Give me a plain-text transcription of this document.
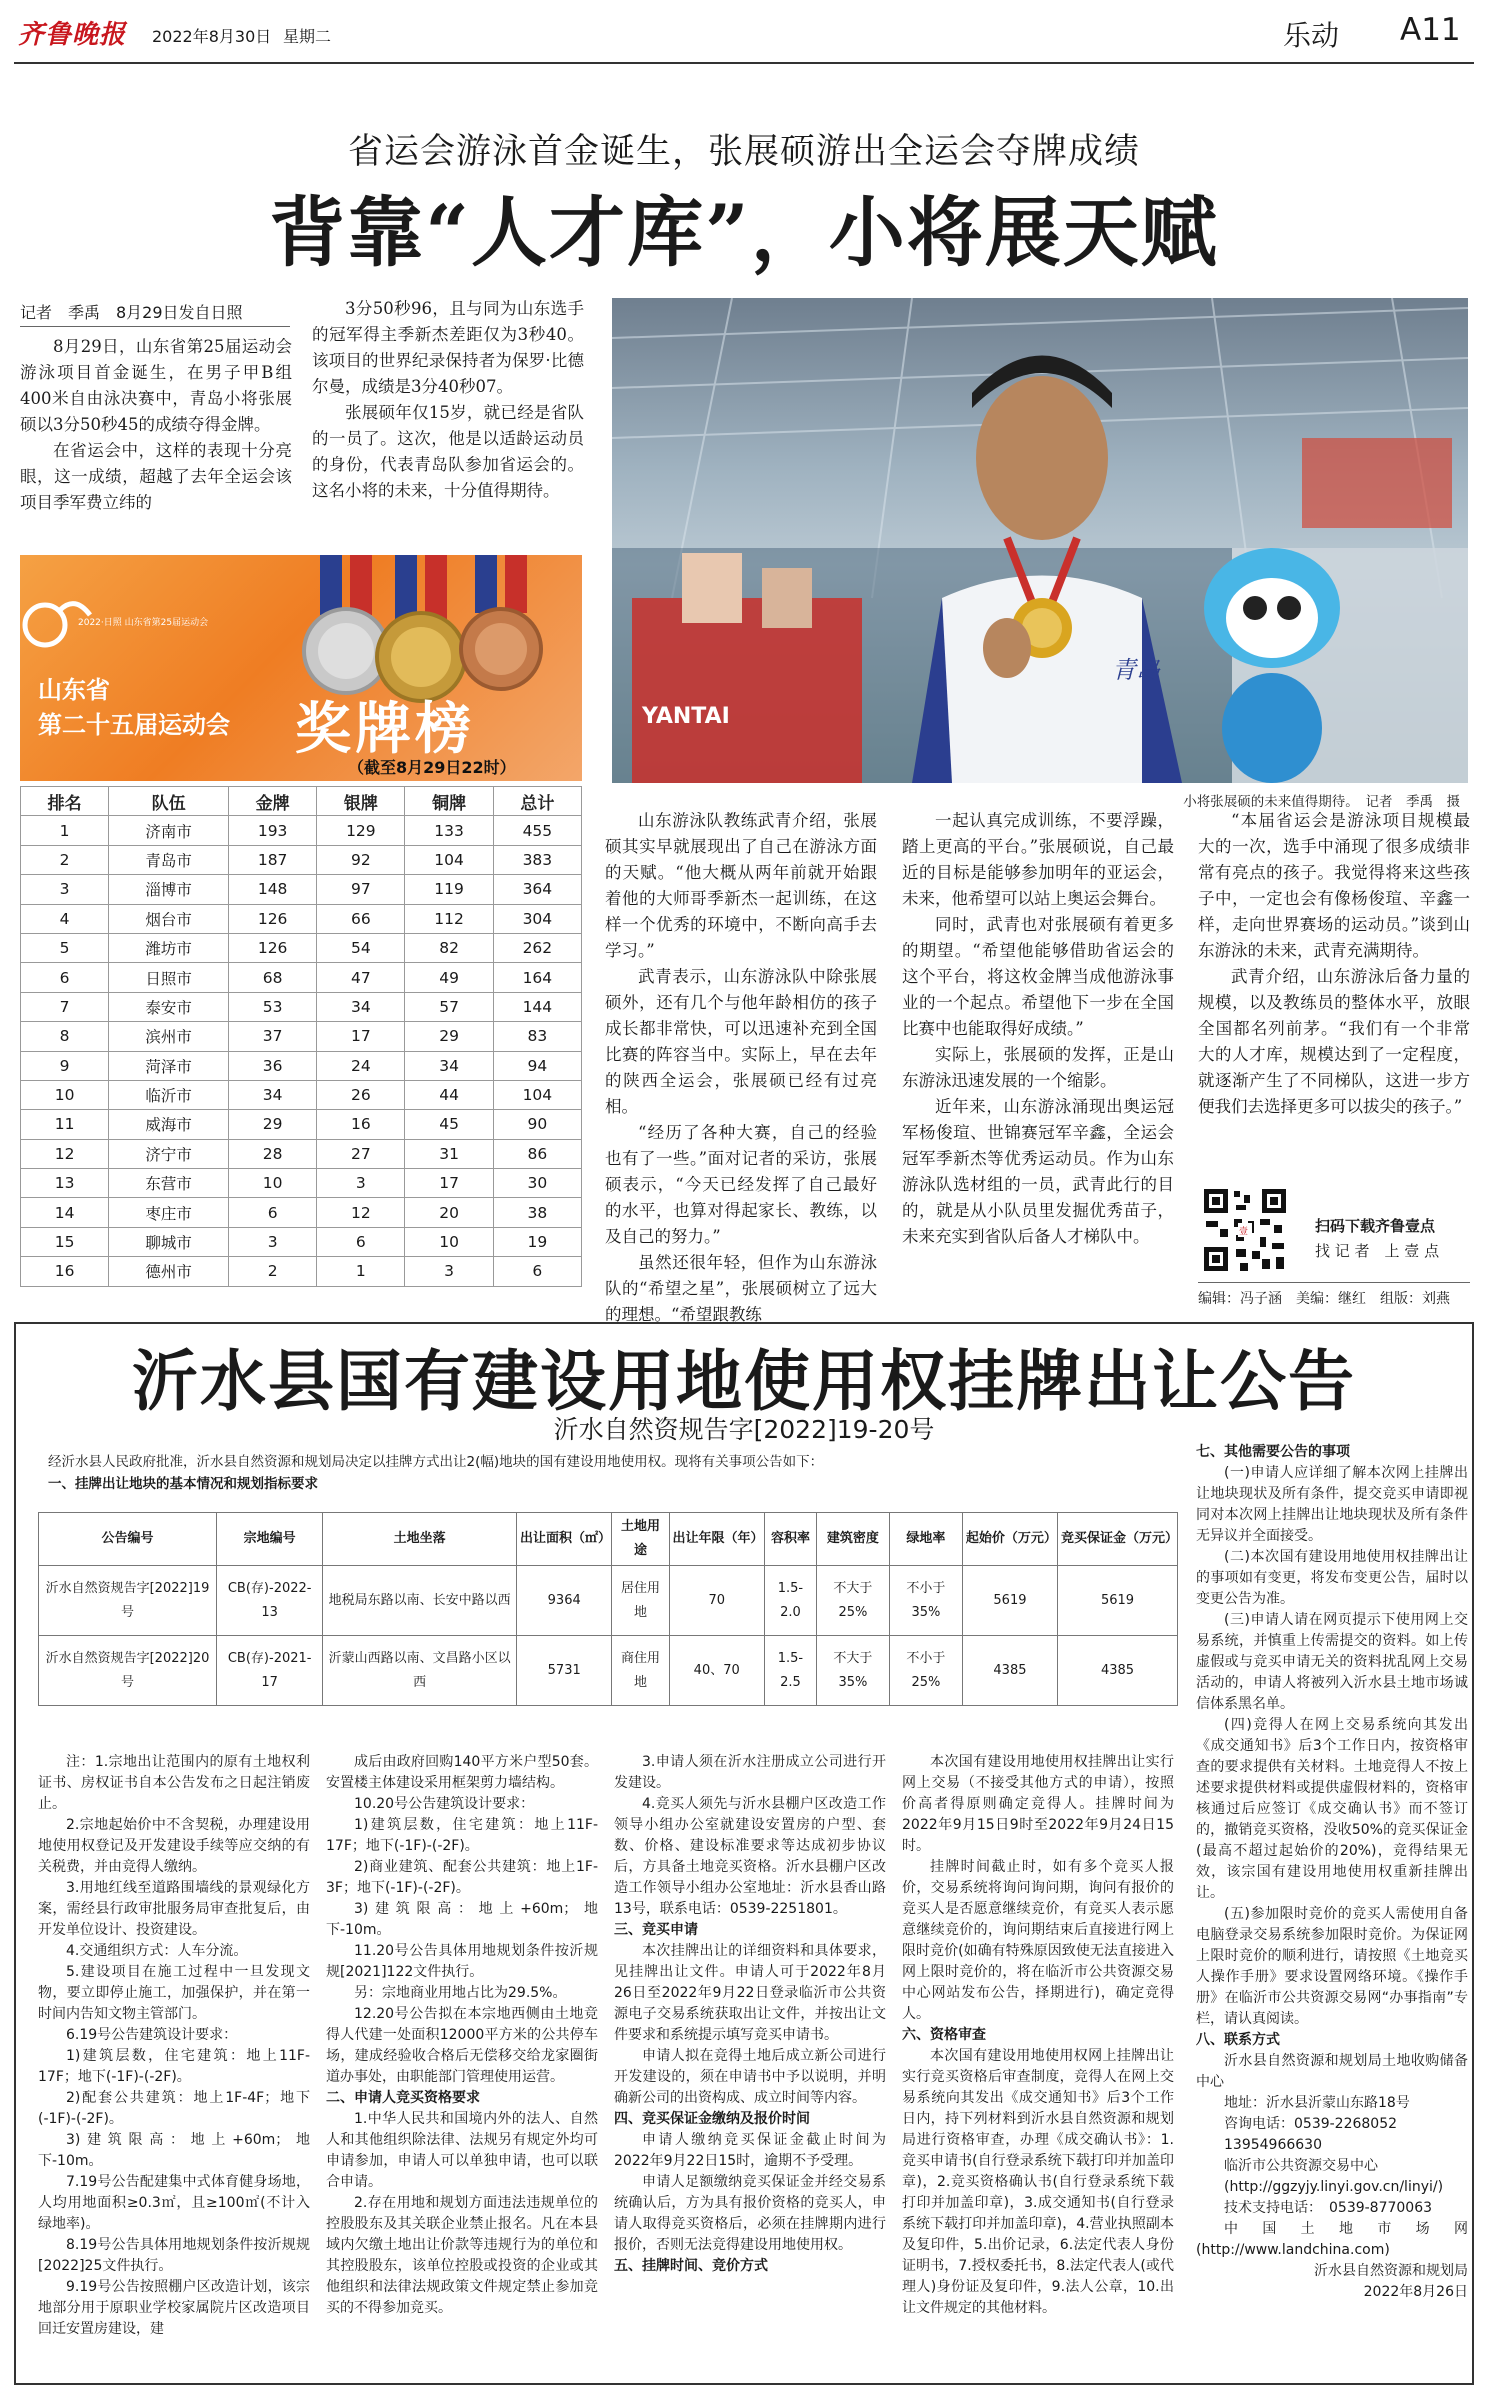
齐鲁晚报 2022年8月30日 星期二	乐动 A11
省运会游泳首金诞生，张展硕游出全运会夺牌成绩
背靠“人才库”，小将展天赋
记者　季禹　8月29日发自日照

8月29日，山东省第25届运动会游泳项目首金诞生，在男子甲B组400米自由泳决赛中，青岛小将张展硕以3分50秒45的成绩夺得金牌。

在省运会中，这样的表现十分亮眼，这一成绩，超越了去年全运会该项目季军费立纬的

3分50秒96，且与同为山东选手的冠军得主季新杰差距仅为3秒40。该项目的世界纪录保持者为保罗·比德尔曼，成绩是3分40秒07。

张展硕年仅15岁，就已经是省队的一员了。这次，他是以适龄运动员的身份，代表青岛队参加省运会的。这名小将的未来，十分值得期待。

YANTAI
青岛
小将张展硕的未来值得期待。　记者　季禹　摄
2022·日照 山东省第25届运动会
山东省
第二十五届运动会 奖牌榜
（截至8月29日22时）
排名	队伍	金牌	银牌	铜牌	总计
1	济南市	193	129	133	455
2	青岛市	187	92	104	383
3	淄博市	148	97	119	364
4	烟台市	126	66	112	304
5	潍坊市	126	54	82	262
6	日照市	68	47	49	164
7	泰安市	53	34	57	144
8	滨州市	37	17	29	83
9	菏泽市	36	24	34	94
10	临沂市	34	26	44	104
11	威海市	29	16	45	90
12	济宁市	28	27	31	86
13	东营市	10	3	17	30
14	枣庄市	6	12	20	38
15	聊城市	3	6	10	19
16	德州市	2	1	3	6

山东游泳队教练武青介绍，张展硕其实早就展现出了自己在游泳方面的天赋。“他大概从两年前就开始跟着他的大师哥季新杰一起训练，在这样一个优秀的环境中，不断向高手去学习。”

武青表示，山东游泳队中除张展硕外，还有几个与他年龄相仿的孩子成长都非常快，可以迅速补充到全国比赛的阵容当中。实际上，早在去年的陕西全运会，张展硕已经有过亮相。

“经历了各种大赛，自己的经验也有了一些。”面对记者的采访，张展硕表示，“今天已经发挥了自己最好的水平，也算对得起家长、教练，以及自己的努力。”

虽然还很年轻，但作为山东游泳队的“希望之星”，张展硕树立了远大的理想。“希望跟教练

一起认真完成训练，不要浮躁，踏上更高的平台。”张展硕说，自己最近的目标是能够参加明年的亚运会，未来，他希望可以站上奥运会舞台。

同时，武青也对张展硕有着更多的期望。“希望他能够借助省运会的这个平台，将这枚金牌当成他游泳事业的一个起点。希望他下一步在全国比赛中也能取得好成绩。”

实际上，张展硕的发挥，正是山东游泳迅速发展的一个缩影。

近年来，山东游泳涌现出奥运冠军杨俊瑄、世锦赛冠军辛鑫，全运会冠军季新杰等优秀运动员。作为山东游泳队选材组的一员，武青此行的目的，就是从小队员里发掘优秀苗子，未来充实到省队后备人才梯队中。

“本届省运会是游泳项目规模最大的一次，选手中涌现了很多成绩非常有亮点的孩子。我觉得将来这些孩子中，一定也会有像杨俊瑄、辛鑫一样，走向世界赛场的运动员。”谈到山东游泳的未来，武青充满期待。

武青介绍，山东游泳后备力量的规模，以及教练员的整体水平，放眼全国都名列前茅。“我们有一个非常大的人才库，规模达到了一定程度，就逐渐产生了不同梯队，这进一步方便我们去选择更多可以拔尖的孩子。”

壹	扫码下载齐鲁壹点
找 记 者　上 壹 点
编辑：冯子涵　美编：继红　组版：刘燕
沂水县国有建设用地使用权挂牌出让公告
沂水自然资规告字[2022]19-20号
经沂水县人民政府批准，沂水县自然资源和规划局决定以挂牌方式出让2(幅)地块的国有建设用地使用权。现将有关事项公告如下：
一、挂牌出让地块的基本情况和规划指标要求
公告编号	宗地编号	土地坐落	出让面积（㎡）	土地用途	出让年限（年）	容积率	建筑密度	绿地率	起始价（万元）	竞买保证金（万元）
沂水自然资规告字[2022]19号	CB(存)-2022-13	地税局东路以南、长安中路以西	9364	居住用地	70	1.5-2.0	不大于25%	不小于35%	5619	5619
沂水自然资规告字[2022]20号	CB(存)-2021-17	沂蒙山西路以南、文昌路小区以西	5731	商住用地	40、70	1.5-2.5	不大于35%	不小于25%	4385	4385

注：1.宗地出让范围内的原有土地权利证书、房权证书自本公告发布之日起注销废止。

2.宗地起始价中不含契税，办理建设用地使用权登记及开发建设手续等应交纳的有关税费，并由竞得人缴纳。

3.用地红线至道路围墙线的景观绿化方案，需经县行政审批服务局审查批复后，由开发单位设计、投资建设。

4.交通组织方式：人车分流。

5.建设项目在施工过程中一旦发现文物，要立即停止施工，加强保护，并在第一时间内告知文物主管部门。

6.19号公告建筑设计要求：

1)建筑层数，住宅建筑：地上11F-17F；地下(-1F)-(-2F)。

2)配套公共建筑：地上1F-4F；地下(-1F)-(-2F)。

3)建筑限高：地上+60m；地下-10m。

7.19号公告配建集中式体育健身场地，人均用地面积≥0.3㎡，且≥100㎡(不计入绿地率)。

8.19号公告具体用地规划条件按沂规规[2022]25文件执行。

9.19号公告按照棚户区改造计划，该宗地部分用于原职业学校家属院片区改造项目回迁安置房建设，建

成后由政府回购140平方米户型50套。安置楼主体建设采用框架剪力墙结构。

10.20号公告建筑设计要求：

1)建筑层数，住宅建筑：地上11F-17F；地下(-1F)-(-2F)。

2)商业建筑、配套公共建筑：地上1F-3F；地下(-1F)-(-2F)。

3)建筑限高：地上+60m；地下-10m。

11.20号公告具体用地规划条件按沂规规[2021]122文件执行。

另：宗地商业用地占比为29.5%。

12.20号公告拟在本宗地西侧由土地竞得人代建一处面积12000平方米的公共停车场，建成经验收合格后无偿移交给龙家圈街道办事处，由职能部门管理使用运营。

二、申请人竞买资格要求

1.中华人民共和国境内外的法人、自然人和其他组织除法律、法规另有规定外均可申请参加，申请人可以单独申请，也可以联合申请。

2.存在用地和规划方面违法违规单位的控股股东及其关联企业禁止报名。凡在本县域内欠缴土地出让价款等违规行为的单位和其控股股东，该单位控股或投资的企业或其他组织和法律法规政策文件规定禁止参加竞买的不得参加竞买。

3.申请人须在沂水注册成立公司进行开发建设。

4.竞买人须先与沂水县棚户区改造工作领导小组办公室就建设安置房的户型、套数、价格、建设标准要求等达成初步协议后，方具备土地竞买资格。沂水县棚户区改造工作领导小组办公室地址：沂水县香山路13号，联系电话：0539-2251801。

三、竞买申请

本次挂牌出让的详细资料和具体要求，见挂牌出让文件。申请人可于2022年8月26日至2022年9月22日登录临沂市公共资源电子交易系统获取出让文件，并按出让文件要求和系统提示填写竞买申请书。

申请人拟在竞得土地后成立新公司进行开发建设的，须在申请书中予以说明，并明确新公司的出资构成、成立时间等内容。

四、竞买保证金缴纳及报价时间

申请人缴纳竞买保证金截止时间为2022年9月22日15时，逾期不予受理。

申请人足额缴纳竞买保证金并经交易系统确认后，方为具有报价资格的竞买人，申请人取得竞买资格后，必须在挂牌期内进行报价，否则无法竞得建设用地使用权。

五、挂牌时间、竞价方式

本次国有建设用地使用权挂牌出让实行网上交易（不接受其他方式的申请），按照价高者得原则确定竞得人。挂牌时间为2022年9月15日9时至2022年9月24日15时。

挂牌时间截止时，如有多个竞买人报价，交易系统将询问询问期，询问有报价的竞买人是否愿意继续竞价，有竞买人表示愿意继续竞价的，询问期结束后直接进行网上限时竞价(如确有特殊原因致使无法直接进入网上限时竞价的，将在临沂市公共资源交易中心网站发布公告，择期进行)，确定竞得人。

六、资格审查

本次国有建设用地使用权网上挂牌出让实行竞买资格后审查制度，竞得人在网上交易系统向其发出《成交通知书》后3个工作日内，持下列材料到沂水县自然资源和规划局进行资格审查，办理《成交确认书》：1.竞买申请书(自行登录系统下载打印并加盖印章)，2.竞买资格确认书(自行登录系统下载打印并加盖印章)，3.成交通知书(自行登录系统下载打印并加盖印章)，4.营业执照副本及复印件，5.出价记录，6.法定代表人身份证明书，7.授权委托书，8.法定代表人(或代理人)身份证及复印件，9.法人公章，10.出让文件规定的其他材料。

七、其他需要公告的事项

(一)申请人应详细了解本次网上挂牌出让地块现状及所有条件，提交竞买申请即视同对本次网上挂牌出让地块现状及所有条件无异议并全面接受。

(二)本次国有建设用地使用权挂牌出让的事项如有变更，将发布变更公告，届时以变更公告为准。

(三)申请人请在网页提示下使用网上交易系统，并慎重上传需提交的资料。如上传虚假或与竞买申请无关的资料扰乱网上交易活动的，申请人将被列入沂水县土地市场诚信体系黑名单。

(四)竞得人在网上交易系统向其发出《成交通知书》后3个工作日内，按资格审查的要求提供有关材料。土地竞得人不按上述要求提供材料或提供虚假材料的，资格审核通过后应签订《成交确认书》而不签订的，撤销竞买资格，没收50%的竞买保证金(最高不超过起始价的20%)，竞得结果无效，该宗国有建设用地使用权重新挂牌出让。

(五)参加限时竞价的竞买人需使用自备电脑登录交易系统参加限时竞价。为保证网上限时竞价的顺利进行，请按照《土地竞买人操作手册》要求设置网络环境。《操作手册》在临沂市公共资源交易网“办事指南”专栏，请认真阅读。

八、联系方式

沂水县自然资源和规划局土地收购储备中心

地址：沂水县沂蒙山东路18号

咨询电话：0539-2268052

13954966630

临沂市公共资源交易中心

(http://ggzyjy.linyi.gov.cn/linyi/)

技术支持电话：　0539-8770063

中国土地市场网(http://www.landchina.com)

沂水县自然资源和规划局

2022年8月26日
